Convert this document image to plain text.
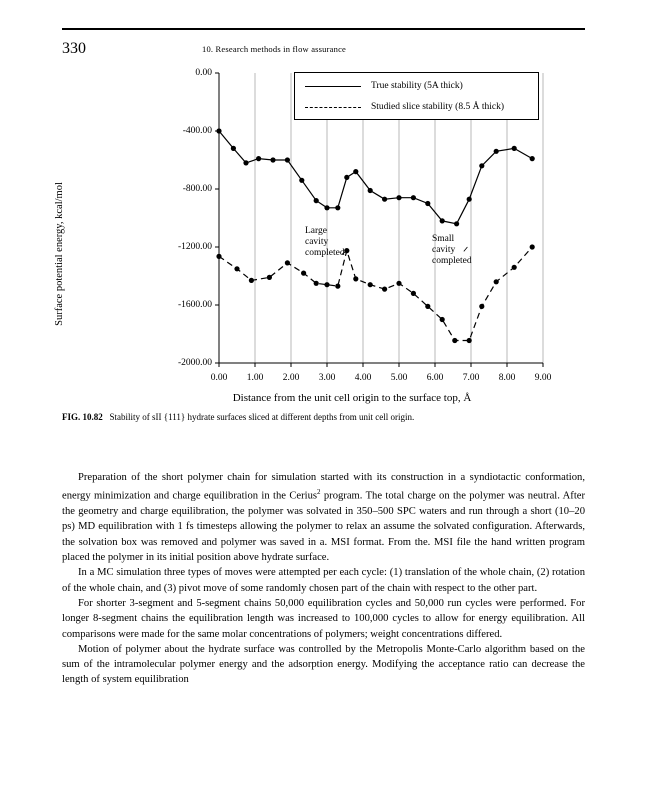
330	10. Research methods in flow assurance
Surface potential energy, kcal/mol
0.00
-400.00
-800.00
-1200.00
-1600.00
-2000.00
0.00	1.00	2.00	3.00	4.00	5.00	6.00	7.00	8.00	9.00
True stability (5A thick)
Studied slice stability (8.5 Å thick)
Large
cavity
completed
Small
cavity
completed
Distance from the unit cell origin to the surface top, Å
FIG. 10.82 Stability of sII {111} hydrate surfaces sliced at different depths from unit cell origin.

Preparation of the short polymer chain for simulation started with its construction in a syndiotactic conformation, energy minimization and charge equilibration in the Cerius$^2$ program. The total charge on the polymer was neutral. After the geometry and charge equilibration, the polymer was solvated in 350–500 SPC waters and run through a short (10–20 ps) MD equilibration with 1 fs timesteps allowing the polymer to relax an assume the solvated configuration. Afterwards, the solvation box was removed and polymer was saved in a. MSI format. From the. MSI file the hand written program placed the polymer in its initial position above hydrate surface.

In a MC simulation three types of moves were attempted per each cycle: (1) translation of the whole chain, (2) rotation of the whole chain, and (3) pivot move of some randomly chosen part of the chain with respect to the other part.

For shorter 3-segment and 5-segment chains 50,000 equilibration cycles and 50,000 run cycles were performed. For longer 8-segment chains the equilibration length was increased to 100,000 cycles to allow for energy equilibration. All comparisons were made for the same molar concentrations of polymers; weight concentrations differed.

Motion of polymer about the hydrate surface was controlled by the Metropolis Monte-Carlo algorithm based on the sum of the intramolecular polymer energy and the adsorption energy. Modifying the acceptance ratio can decrease the length of system equilibration
